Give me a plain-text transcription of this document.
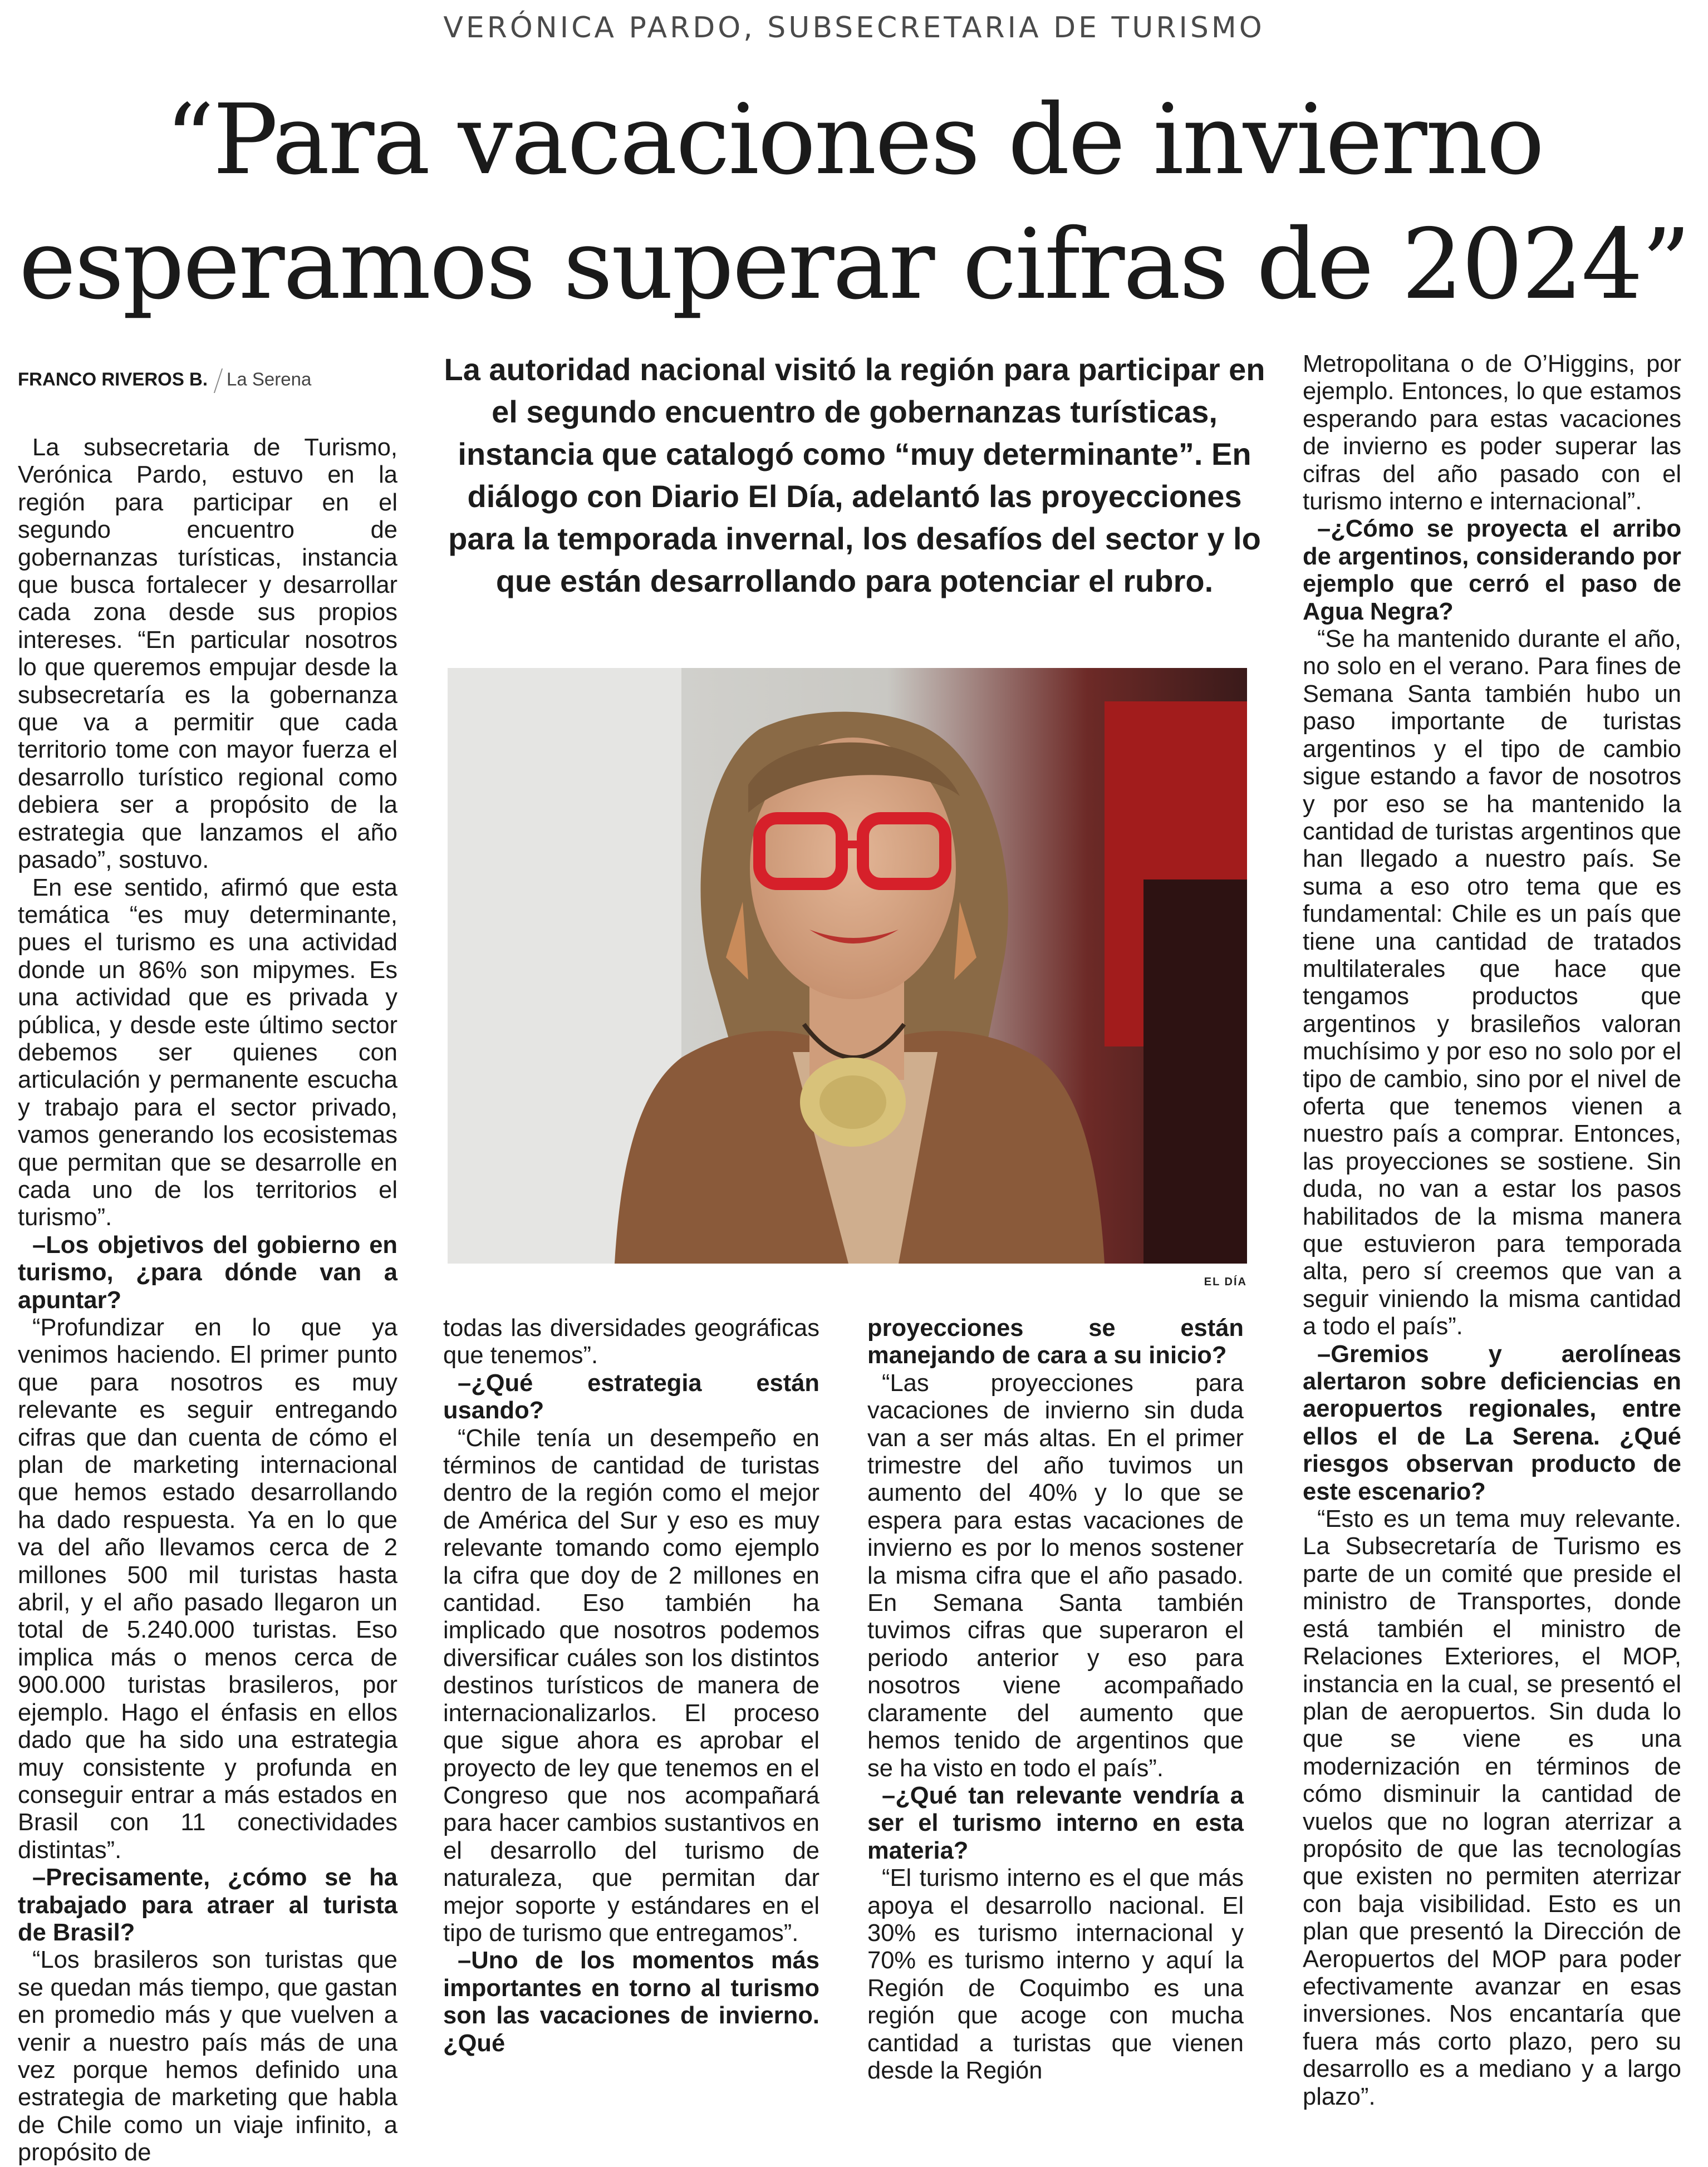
VERÓNICA PARDO, SUBSECRETARIA DE TURISMO
“Para vacaciones de invierno
esperamos superar cifras de 2024”
FRANCO RIVEROS B. La Serena	La autoridad nacional visitó la región para participar en el segundo encuentro de gobernanzas turísticas, instancia que catalogó como “muy determinante”. En diálogo con Diario El Día, adelantó las proyecciones para la temporada invernal, los desafíos del sector y lo que están desarrollando para potenciar el rubro.
EL DÍA

La subsecretaria de Turismo, Verónica Pardo, estuvo en la región para participar en el segundo encuentro de gobernanzas turísticas, instancia que busca fortalecer y desarrollar cada zona desde sus propios intereses. “En particular nosotros lo que queremos empujar desde la subsecretaría es la gobernanza que va a permitir que cada territorio tome con mayor fuerza el desarrollo turístico regional como debiera ser a propósito de la estrategia que lanzamos el año pasado”, sostuvo.

En ese sentido, afirmó que esta temática “es muy determinante, pues el turismo es una actividad donde un 86% son mipymes. Es una actividad que es privada y pública, y desde este último sector debemos ser quienes con articulación y permanente escucha y trabajo para el sector privado, vamos generando los ecosistemas que permitan que se desarrolle en cada uno de los territorios el turismo”.

–Los objetivos del gobierno en turismo, ¿para dónde van a apuntar?

“Profundizar en lo que ya venimos haciendo. El primer punto que para nosotros es muy relevante es seguir entregando cifras que dan cuenta de cómo el plan de marketing internacional que hemos estado desarrollando ha dado respuesta. Ya en lo que va del año llevamos cerca de 2 millones 500 mil turistas hasta abril, y el año pasado llegaron un total de 5.240.000 turistas. Eso implica más o menos cerca de 900.000 turistas brasileros, por ejemplo. Hago el énfasis en ellos dado que ha sido una estrategia muy consistente y profunda en conseguir entrar a más estados en Brasil con 11 conectividades distintas”.

–Precisamente, ¿cómo se ha trabajado para atraer al turista de Brasil?

“Los brasileros son turistas que se quedan más tiempo, que gastan en promedio más y que vuelven a venir a nuestro país más de una vez porque hemos definido una estrategia de marketing que habla de Chile como un viaje infinito, a propósito de

todas las diversidades geográficas que tenemos”.

–¿Qué estrategia están usando?

“Chile tenía un desempeño en términos de cantidad de turistas dentro de la región como el mejor de América del Sur y eso es muy relevante tomando como ejemplo la cifra que doy de 2 millones en cantidad. Eso también ha implicado que nosotros podemos diversificar cuáles son los distintos destinos turísticos de manera de internacionalizarlos. El proceso que sigue ahora es aprobar el proyecto de ley que tenemos en el Congreso que nos acompañará para hacer cambios sustantivos en el desarrollo del turismo de naturaleza, que permitan dar mejor soporte y estándares en el tipo de turismo que entregamos”.

–Uno de los momentos más importantes en torno al turismo son las vacaciones de invierno. ¿Qué

proyecciones se están manejando de cara a su inicio?

“Las proyecciones para vacaciones de invierno sin duda van a ser más altas. En el primer trimestre del año tuvimos un aumento del 40% y lo que se espera para estas vacaciones de invierno es por lo menos sostener la misma cifra que el año pasado. En Semana Santa también tuvimos cifras que superaron el periodo anterior y eso para nosotros viene acompañado claramente del aumento que hemos tenido de argentinos que se ha visto en todo el país”.

–¿Qué tan relevante vendría a ser el turismo interno en esta materia?

“El turismo interno es el que más apoya el desarrollo nacional. El 30% es turismo internacional y 70% es turismo interno y aquí la Región de Coquimbo es una región que acoge con mucha cantidad a turistas que vienen desde la Región

Metropolitana o de O’Higgins, por ejemplo. Entonces, lo que estamos esperando para estas vacaciones de invierno es poder superar las cifras del año pasado con el turismo interno e internacional”.

–¿Cómo se proyecta el arribo de argentinos, considerando por ejemplo que cerró el paso de Agua Negra?

“Se ha mantenido durante el año, no solo en el verano. Para fines de Semana Santa también hubo un paso importante de turistas argentinos y el tipo de cambio sigue estando a favor de nosotros y por eso se ha mantenido la cantidad de turistas argentinos que han llegado a nuestro país. Se suma a eso otro tema que es fundamental: Chile es un país que tiene una cantidad de tratados multilaterales que hace que tengamos productos que argentinos y brasileños valoran muchísimo y por eso no solo por el tipo de cambio, sino por el nivel de oferta que tenemos vienen a nuestro país a comprar. Entonces, las proyecciones se sostiene. Sin duda, no van a estar los pasos habilitados de la misma manera que estuvieron para temporada alta, pero sí creemos que van a seguir viniendo la misma cantidad a todo el país”.

–Gremios y aerolíneas alertaron sobre deficiencias en aeropuertos regionales, entre ellos el de La Serena. ¿Qué riesgos observan producto de este escenario?

“Esto es un tema muy relevante. La Subsecretaría de Turismo es parte de un comité que preside el ministro de Transportes, donde está también el ministro de Relaciones Exteriores, el MOP, instancia en la cual, se presentó el plan de aeropuertos. Sin duda lo que se viene es una modernización en términos de cómo disminuir la cantidad de vuelos que no logran aterrizar a propósito de que las tecnologías que existen no permiten aterrizar con baja visibilidad. Esto es un plan que presentó la Dirección de Aeropuertos del MOP para poder efectivamente avanzar en esas inversiones. Nos encantaría que fuera más corto plazo, pero su desarrollo es a mediano y a largo plazo”.
